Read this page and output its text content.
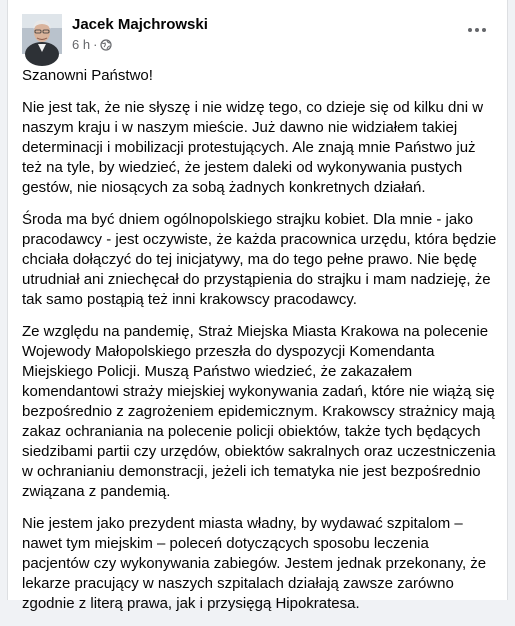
Jacek Majchrowski
6 h ·

Szanowni Państwo!

Nie jest tak, że nie słyszę i nie widzę tego, co dzieje się od kilku dni w
naszym kraju i w naszym mieście. Już dawno nie widziałem takiej
determinacji i mobilizacji protestujących. Ale znają mnie Państwo już
też na tyle, by wiedzieć, że jestem daleki od wykonywania pustych
gestów, nie niosących za sobą żadnych konkretnych działań.

Środa ma być dniem ogólnopolskiego strajku kobiet. Dla mnie - jako
pracodawcy - jest oczywiste, że każda pracownica urzędu, która będzie
chciała dołączyć do tej inicjatywy, ma do tego pełne prawo. Nie będę
utrudniał ani zniechęcał do przystąpienia do strajku i mam nadzieję, że
tak samo postąpią też inni krakowscy pracodawcy.

Ze względu na pandemię, Straż Miejska Miasta Krakowa na polecenie
Wojewody Małopolskiego przeszła do dyspozycji Komendanta
Miejskiego Policji. Muszą Państwo wiedzieć, że zakazałem
komendantowi straży miejskiej wykonywania zadań, które nie wiążą się
bezpośrednio z zagrożeniem epidemicznym. Krakowscy strażnicy mają
zakaz ochraniania na polecenie policji obiektów, także tych będących
siedzibami partii czy urzędów, obiektów sakralnych oraz uczestniczenia
w ochranianiu demonstracji, jeżeli ich tematyka nie jest bezpośrednio
związana z pandemią.

Nie jestem jako prezydent miasta władny, by wydawać szpitalom –
nawet tym miejskim – poleceń dotyczących sposobu leczenia
pacjentów czy wykonywania zabiegów. Jestem jednak przekonany, że
lekarze pracujący w naszych szpitalach działają zawsze zarówno
zgodnie z literą prawa, jak i przysięgą Hipokratesa.
